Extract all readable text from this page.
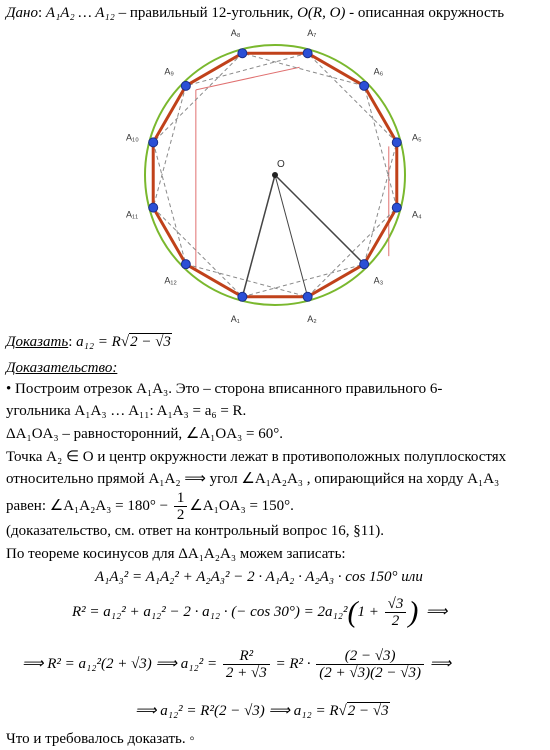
Дано: A₁A₂ … A₁₂ – правильный 12-угольник, O(R, O) - описанная окружность
O
A₁	A₂
A₃
A₄
A₅
A₆
A₇
A₈
A₉
A₁₀
A₁₁
A₁₂
Доказать: a₁₂ = R√2 − √3
Доказательство:
• Построим отрезок A₁A₃. Это – сторона вписанного правильного 6-
угольника A₁A₃ … A₁₁: A₁A₃ = a₆ = R.
ΔA₁OA₃ – равносторонний, ∠A₁OA₃ = 60°.
Точка A₂ ∈ O и центр окружности лежат в противоположных полуплоскостях
относительно прямой A₁A₂ ⟹ угол ∠A₁A₂A₃ , опирающийся на хорду A₁A₃
равен: ∠A₁A₂A₃ = $180^\circ - \frac{1}{2}$ ∠A₁OA₃ = 150°.
(доказательство, см. ответ на контрольный вопрос 16, §11).
По теореме косинусов для ΔA₁A₂A₃ можем записать:
A₁A₃² = A₁A₂² + A₂A₃² − 2 · A₁A₂ · A₂A₃ · cos 150° или
R² = a₁₂² + a₁₂² − 2 · a₁₂ · (− $\cos 30^\circ) = 2a_{12}^2(1 + \frac{√3}{2}$ ) ⟹
⟹ R² = a₁₂²(2 + √3) ⟹ $a_{12}^2 = \frac{\text{R²}}{2 + √3} = R^2 \cdot \frac{(2 - √3)}{(2 + √3)(2 - √3)}$ ⟹
⟹ a₁₂² = R²(2 − √3) ⟹ a₁₂ = R√2 − √3
Что и требовалось доказать. ◦
